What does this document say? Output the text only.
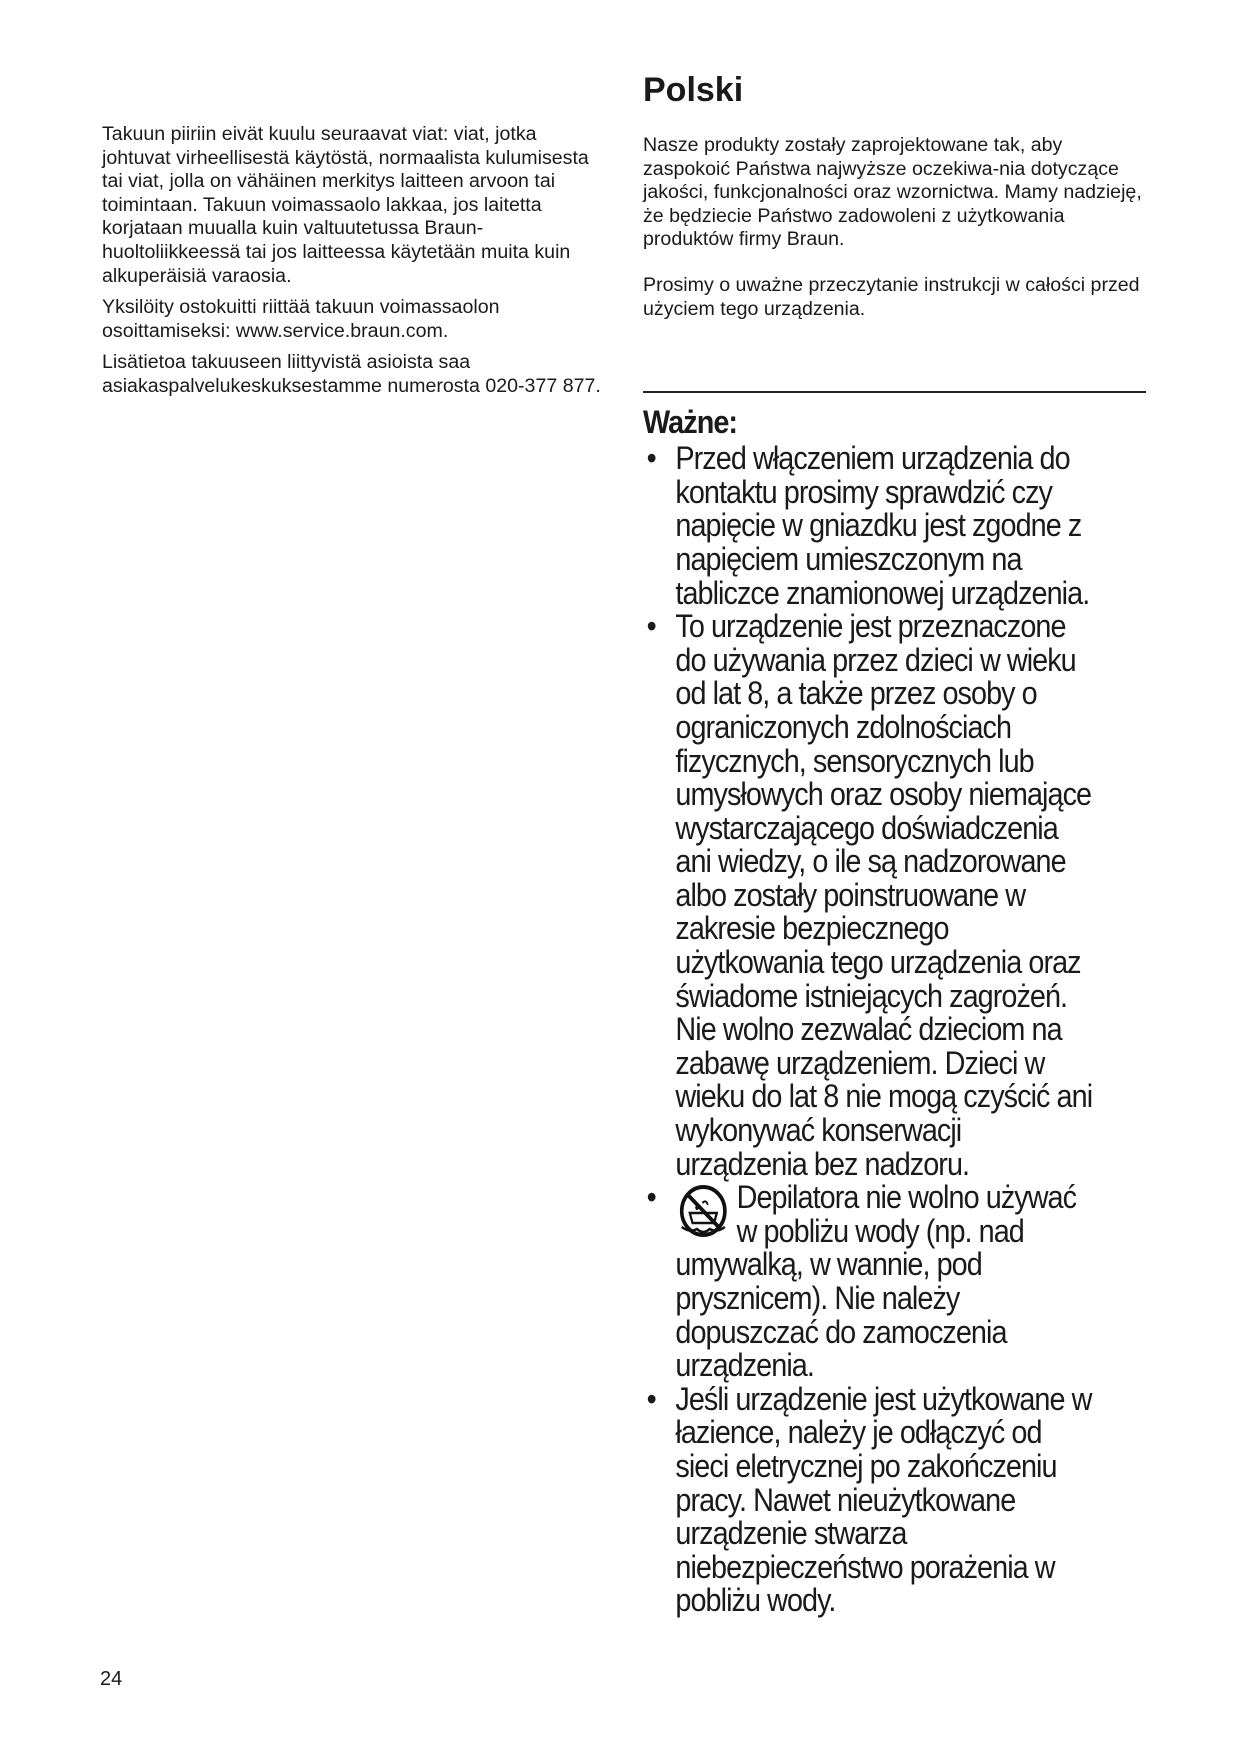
Takuun piiriin eivät kuulu seuraavat viat: viat, jotka johtuvat virheellisestä käytöstä, normaalista kulumisesta tai viat, jolla on vähäinen merkitys laitteen arvoon tai toimintaan. Takuun voimassaolo lakkaa, jos laitetta korjataan muualla kuin valtuutetussa Braun-huoltoliikkeessä tai jos laitteessa käytetään muita kuin alkuperäisiä varaosia.

Yksilöity ostokuitti riittää takuun voimassaolon osoittamiseksi: www.service.braun.com.

Lisätietoa takuuseen liittyvistä asioista saa asiakaspalvelukeskuksestamme numerosta 020-377 877.

Polski

Nasze produkty zostały zaprojektowane tak, aby zaspokoić Państwa najwyższe oczekiwa-nia dotyczące jakości, funkcjonalności oraz wzornictwa. Mamy nadzieję, że będziecie Państwo zadowoleni z użytkowania produktów firmy Braun.

Prosimy o uważne przeczytanie instrukcji w całości przed użyciem tego urządzenia.

Ważne:
• Przed włączeniem urządzenia do kontaktu prosimy sprawdzić czy napięcie w gniazdku jest zgodne z napięciem umieszczonym na tabliczce znamionowej urządzenia.
• To urządzenie jest przeznaczone do używania przez dzieci w wieku od lat 8, a także przez osoby o ograniczonych zdolnościach fizycznych, sensorycznych lub umysłowych oraz osoby niemające wystarczającego doświadczenia ani wiedzy, o ile są nadzorowane albo zostały poinstruowane w zakresie bezpiecznego użytkowania tego urządzenia oraz świadome istniejących zagrożeń. Nie wolno zezwalać dzieciom na zabawę urządzeniem. Dzieci w wieku do lat 8 nie mogą czyścić ani wykonywać konserwacji urządzenia bez nadzoru.
•	Depilatora nie wolno używać w pobliżu wody (np. nad umywalką, w wannie, pod prysznicem). Nie należy dopuszczać do zamoczenia urządzenia.
• Jeśli urządzenie jest użytkowane w łazience, należy je odłączyć od sieci eletrycznej po zakończeniu pracy. Nawet nieużytkowane urządzenie stwarza niebezpieczeństwo porażenia w pobliżu wody.
24
